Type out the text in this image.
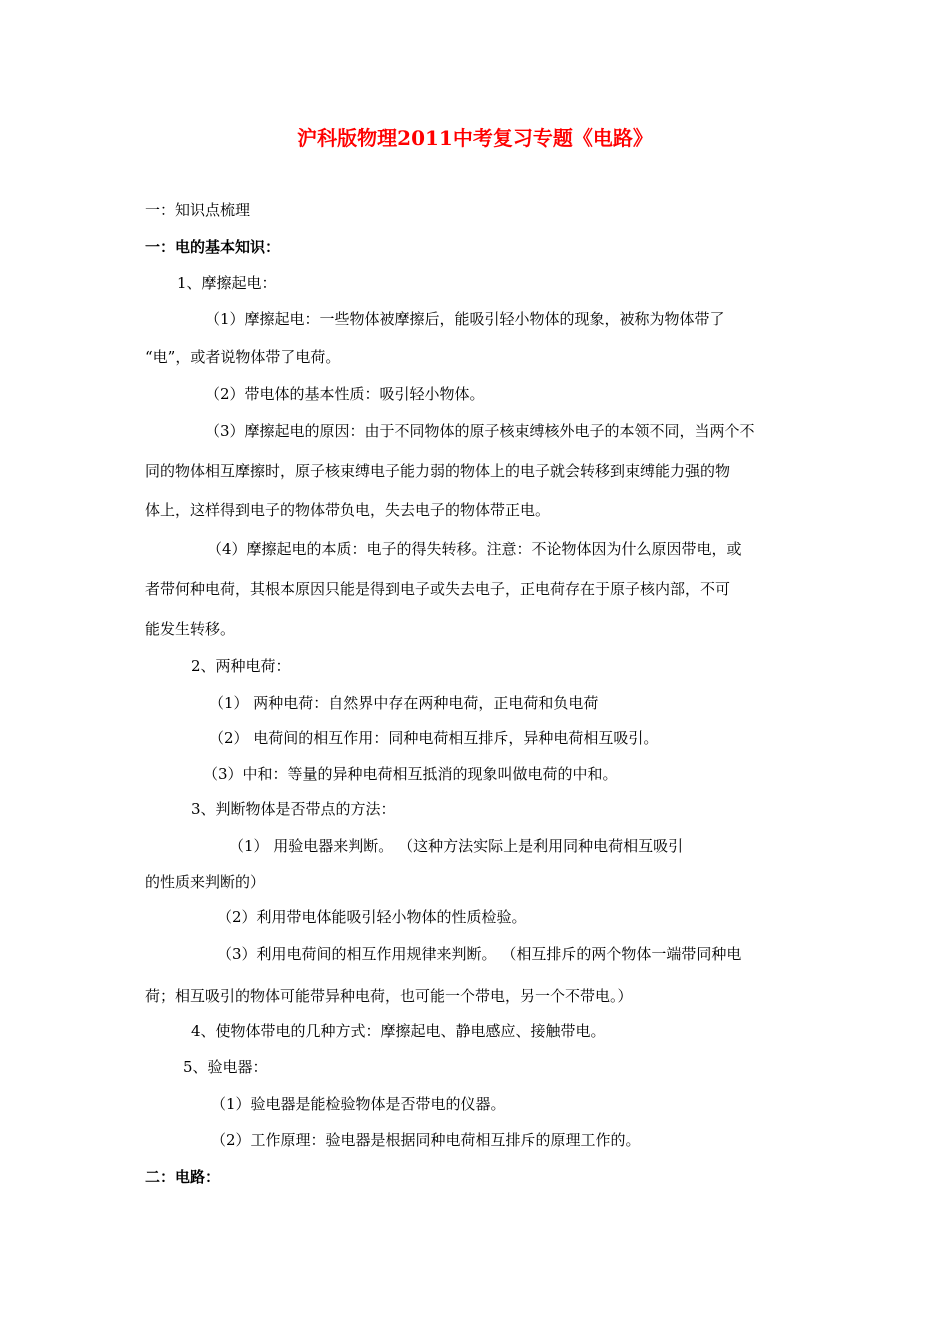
沪科版物理2011中考复习专题《电路》
一：知识点梳理
一：电的基本知识：
1、摩擦起电：
（1）摩擦起电：一些物体被摩擦后，能吸引轻小物体的现象，被称为物体带了
“电”，或者说物体带了电荷。
（2）带电体的基本性质：吸引轻小物体。
（3）摩擦起电的原因：由于不同物体的原子核束缚核外电子的本领不同，当两个不
同的物体相互摩擦时，原子核束缚电子能力弱的物体上的电子就会转移到束缚能力强的物
体上，这样得到电子的物体带负电，失去电子的物体带正电。
（4）摩擦起电的本质：电子的得失转移。注意：不论物体因为什么原因带电，或
者带何种电荷，其根本原因只能是得到电子或失去电子，正电荷存在于原子核内部，不可
能发生转移。
2、两种电荷：
（1） 两种电荷：自然界中存在两种电荷，正电荷和负电荷
（2） 电荷间的相互作用：同种电荷相互排斥，异种电荷相互吸引。
（3）中和：等量的异种电荷相互抵消的现象叫做电荷的中和。
3、判断物体是否带点的方法：
（1） 用验电器来判断。 （这种方法实际上是利用同种电荷相互吸引
的性质来判断的）
（2）利用带电体能吸引轻小物体的性质检验。
（3）利用电荷间的相互作用规律来判断。 （相互排斥的两个物体一端带同种电
荷；相互吸引的物体可能带异种电荷，也可能一个带电，另一个不带电。）
4、使物体带电的几种方式：摩擦起电、静电感应、接触带电。
5、验电器：
（1）验电器是能检验物体是否带电的仪器。
（2）工作原理：验电器是根据同种电荷相互排斥的原理工作的。
二：电路：
